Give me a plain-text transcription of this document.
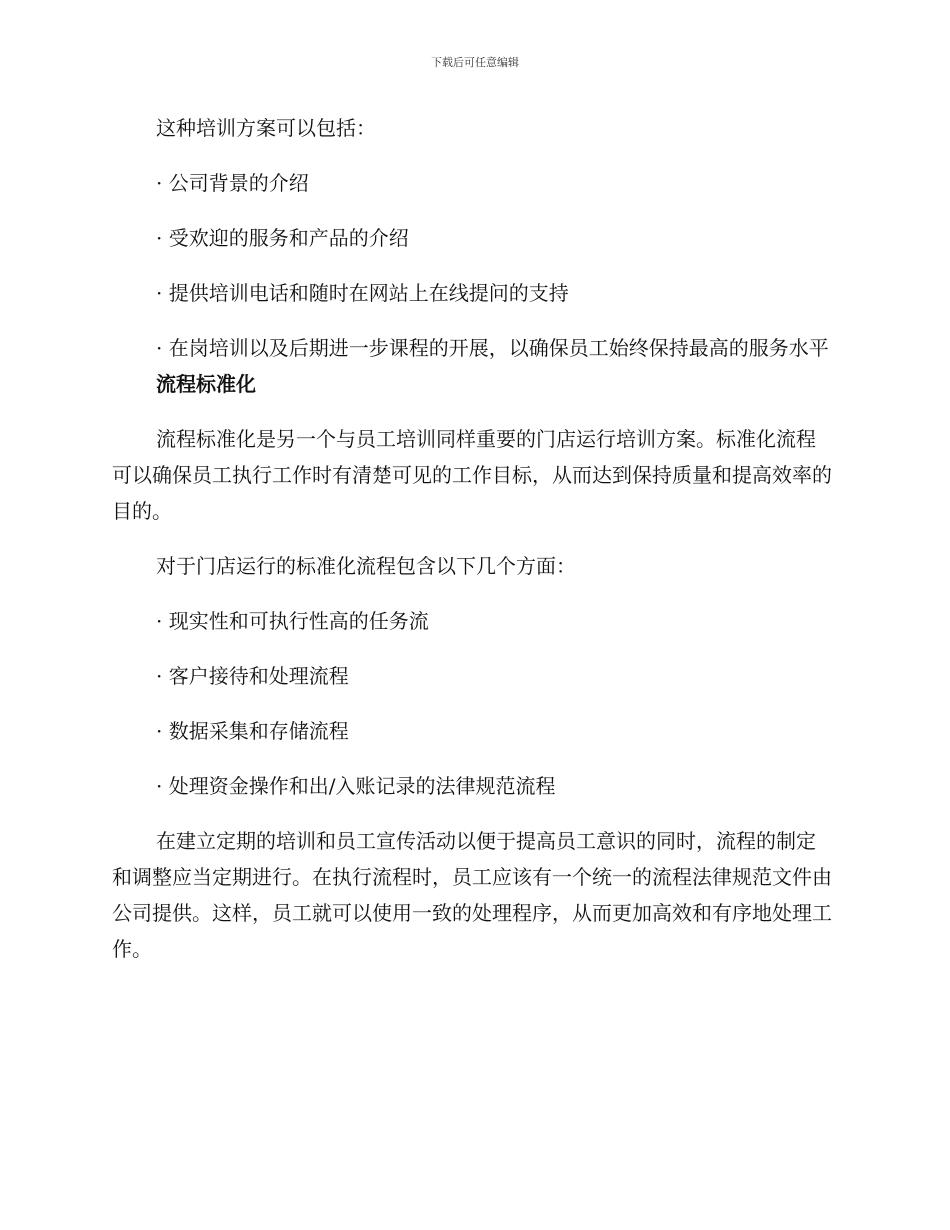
下载后可任意编辑

这种培训方案可以包括：

· 公司背景的介绍

· 受欢迎的服务和产品的介绍

· 提供培训电话和随时在网站上在线提问的支持

· 在岗培训以及后期进一步课程的开展，以确保员工始终保持最高的服务水平

流程标准化

流程标准化是另一个与员工培训同样重要的门店运行培训方案。标准化流程可以确保员工执行工作时有清楚可见的工作目标，从而达到保持质量和提高效率的目的。

对于门店运行的标准化流程包含以下几个方面：

· 现实性和可执行性高的任务流

· 客户接待和处理流程

· 数据采集和存储流程

· 处理资金操作和出/入账记录的法律规范流程

在建立定期的培训和员工宣传活动以便于提高员工意识的同时，流程的制定和调整应当定期进行。在执行流程时，员工应该有一个统一的流程法律规范文件由公司提供。这样，员工就可以使用一致的处理程序，从而更加高效和有序地处理工作。
